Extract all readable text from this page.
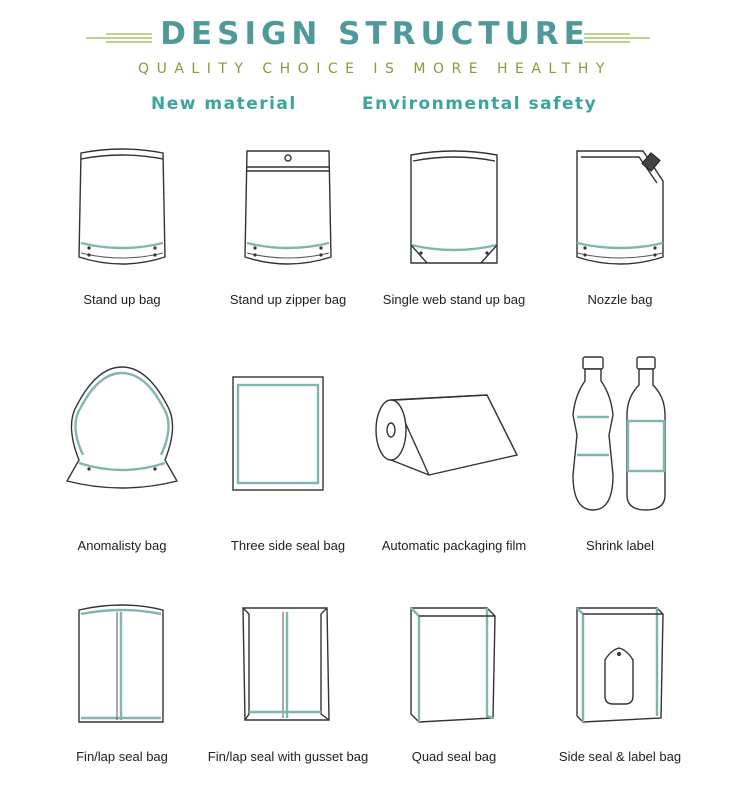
DESIGN STRUCTURE
QUALITY CHOICE IS MORE HEALTHY
New material	Environmental safety
Stand up bag	Stand up zipper bag	Single web stand up bag	Nozzle bag
Anomalisty bag	Three side seal bag	Automatic packaging film	Shrink label
Fin/lap seal bag	Fin/lap seal with gusset bag	Quad seal bag	Side seal & label bag
